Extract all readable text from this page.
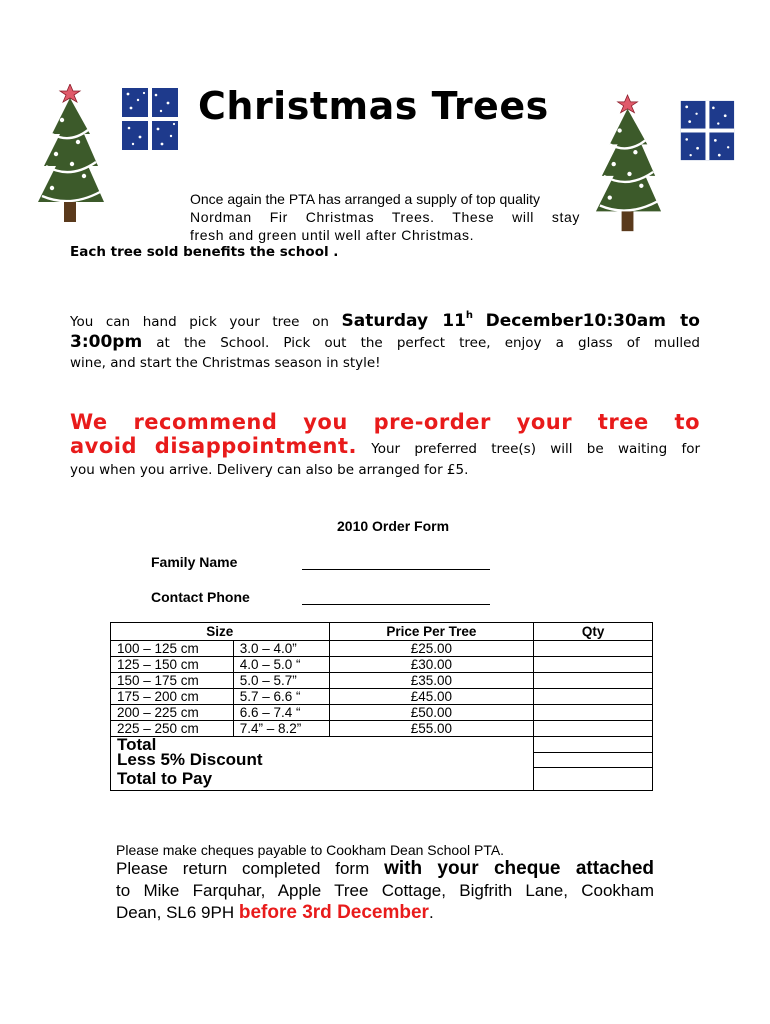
Christmas Trees
Once again the PTA has arranged a supply of top quality
Nordman Fir Christmas Trees. These will stay
fresh and green until well after Christmas.
Each tree sold benefits the school .
You can hand pick your tree on Saturday 11$^h$ December10:30am to
3:00pm at the School. Pick out the perfect tree, enjoy a glass of mulled
wine, and start the Christmas season in style!
We recommend you pre-order your tree to
avoid disappointment. Your preferred tree(s) will be waiting for
you when you arrive. Delivery can also be arranged for £5.
2010 Order Form
Family Name
Contact Phone
Size		Price Per Tree	Qty
100 – 125 cm	3.0 – 4.0”	£25.00	
125 – 150 cm	4.0 – 5.0 “	£30.00	
150 – 175 cm	5.0 – 5.7”	£35.00	
175 – 200 cm	5.7 – 6.6 “	£45.00	
200 – 225 cm	6.6 – 7.4 “	£50.00	
225 – 250 cm	7.4” – 8.2”	£55.00	
Total			
Less 5% Discount			
Total to Pay			
Please make cheques payable to Cookham Dean School PTA.
Please return completed form with your cheque attached
to Mike Farquhar, Apple Tree Cottage, Bigfrith Lane, Cookham
Dean, SL6 9PH before 3rd December.
